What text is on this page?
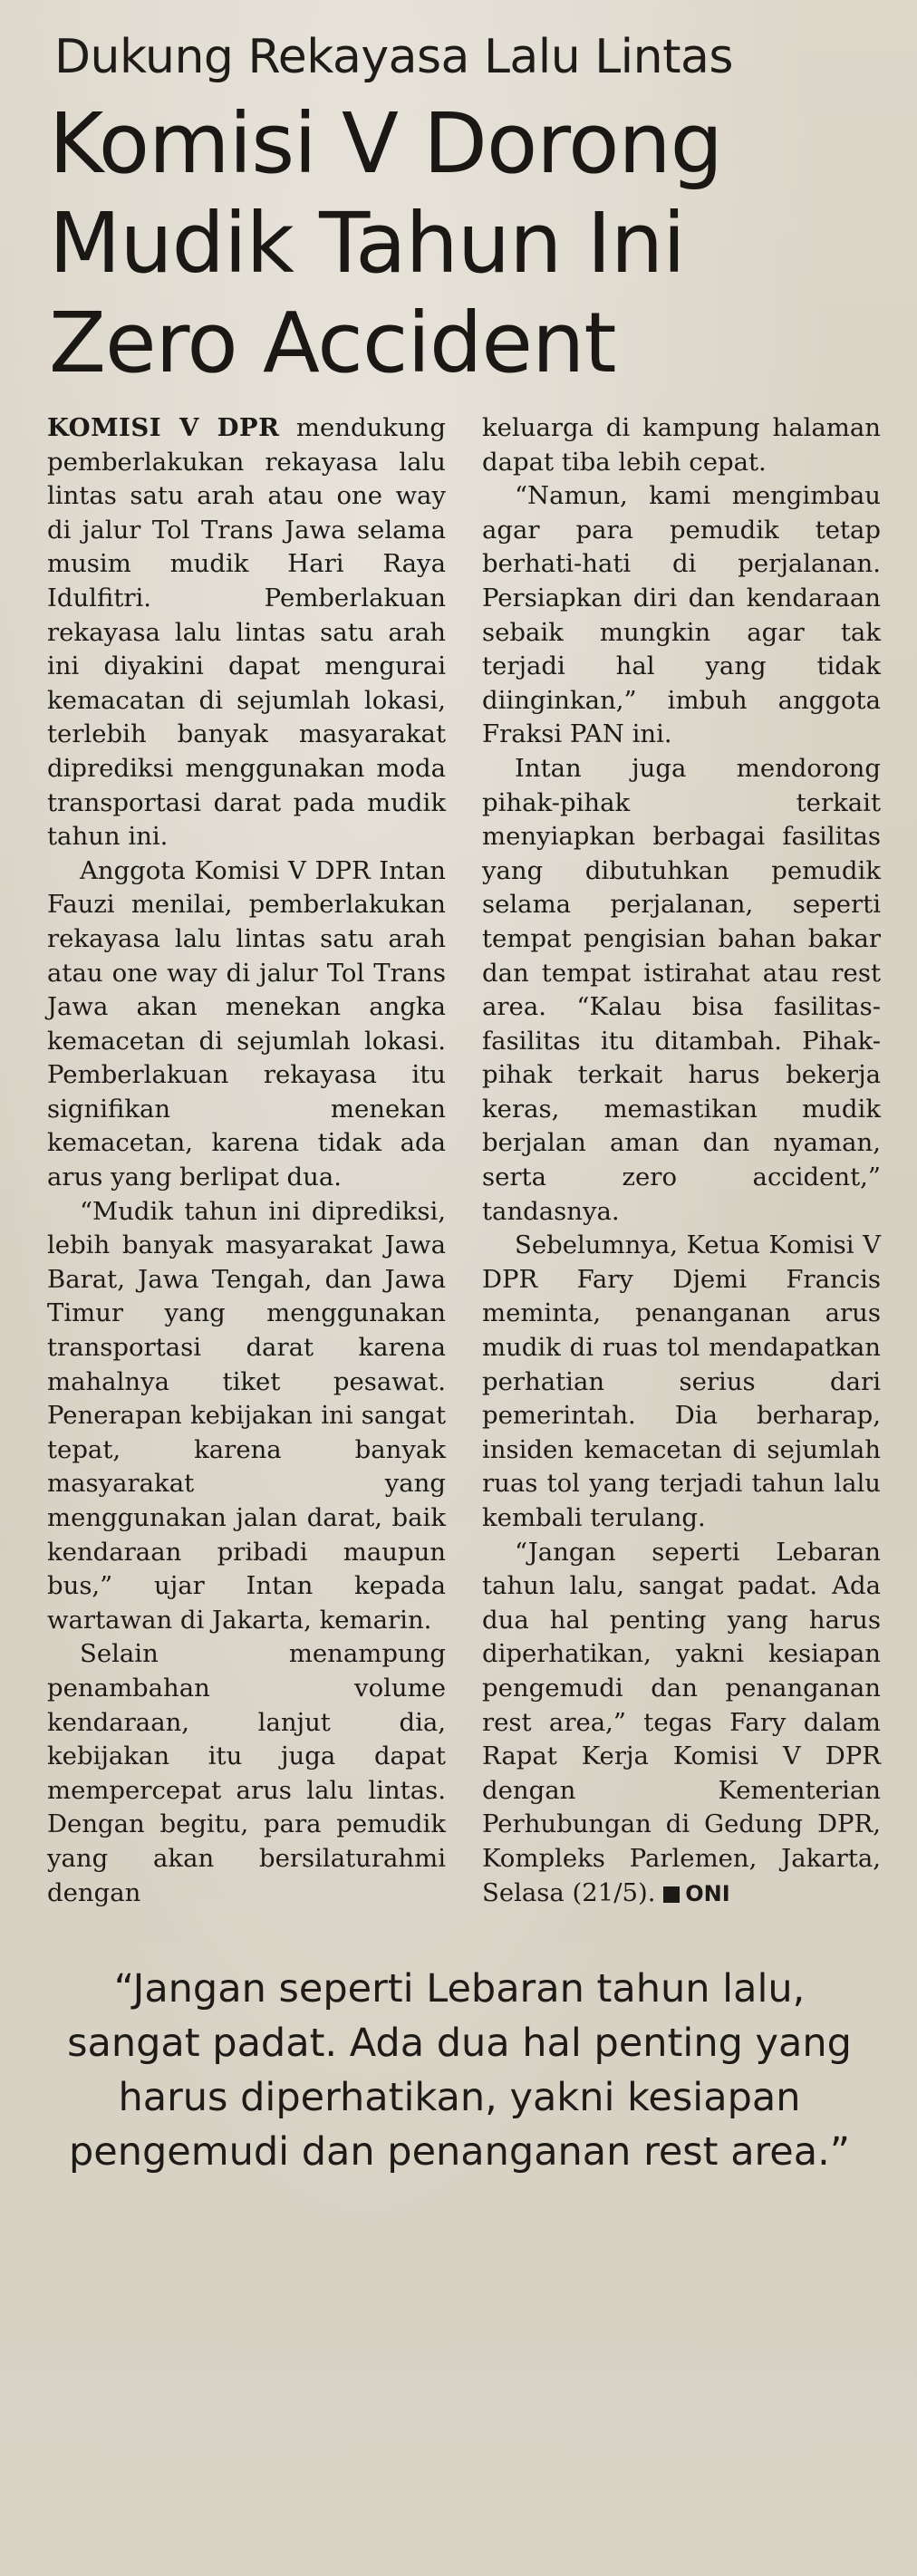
Dukung Rekayasa Lalu Lintas
Komisi V Dorong
Mudik Tahun Ini
Zero Accident

KOMISI V DPR mendukung pemberlakukan rekayasa lalu lintas satu arah atau one way di jalur Tol Trans Jawa selama musim mudik Hari Raya Idulfitri. Pemberlakuan rekayasa lalu lintas satu arah ini diyakini dapat mengurai kemacatan di sejumlah lokasi, terlebih banyak masyarakat diprediksi menggunakan moda transportasi darat pada mudik tahun ini.

Anggota Komisi V DPR Intan Fauzi menilai, pemberlakukan rekayasa lalu lintas satu arah atau one way di jalur Tol Trans Jawa akan menekan angka kemacetan di sejumlah lokasi. Pemberlakuan rekayasa itu signifikan menekan kemacetan, karena tidak ada arus yang berlipat dua.

“Mudik tahun ini diprediksi, lebih banyak masyarakat Jawa Barat, Jawa Tengah, dan Jawa Timur yang menggunakan transportasi darat karena mahalnya tiket pesawat. Penerapan kebijakan ini sangat tepat, karena banyak masyarakat yang menggunakan jalan darat, baik kendaraan pribadi maupun bus,” ujar Intan kepada wartawan di Jakarta, kemarin.

Selain menampung penambahan volume kendaraan, lanjut dia, kebijakan itu juga dapat mempercepat arus lalu lintas. Dengan begitu, para pemudik yang akan bersilaturahmi dengan

keluarga di kampung halaman dapat tiba lebih cepat.

“Namun, kami mengimbau agar para pemudik tetap berhati-hati di perjalanan. Persiapkan diri dan kendaraan sebaik mungkin agar tak terjadi hal yang tidak diinginkan,” imbuh anggota Fraksi PAN ini.

Intan juga mendorong pihak-pihak terkait menyiapkan berbagai fasilitas yang dibutuhkan pemudik selama perjalanan, seperti tempat pengisian bahan bakar dan tempat istirahat atau rest area. “Kalau bisa fasilitas-fasilitas itu ditambah. Pihak-pihak terkait harus bekerja keras, memastikan mudik berjalan aman dan nyaman, serta zero accident,” tandasnya.

Sebelumnya, Ketua Komisi V DPR Fary Djemi Francis meminta, penanganan arus mudik di ruas tol mendapatkan perhatian serius dari pemerintah. Dia berharap, insiden kemacetan di sejumlah ruas tol yang terjadi tahun lalu kembali terulang.

“Jangan seperti Lebaran tahun lalu, sangat padat. Ada dua hal penting yang harus diperhatikan, yakni kesiapan pengemudi dan penanganan rest area,” tegas Fary dalam Rapat Kerja Komisi V DPR dengan Kementerian Perhubungan di Gedung DPR, Kompleks Parlemen, Jakarta, Selasa (21/5). ONI

“Jangan seperti Lebaran tahun lalu, sangat padat. Ada dua hal penting yang harus diperhatikan, yakni kesiapan pengemudi dan penanganan rest area.”
